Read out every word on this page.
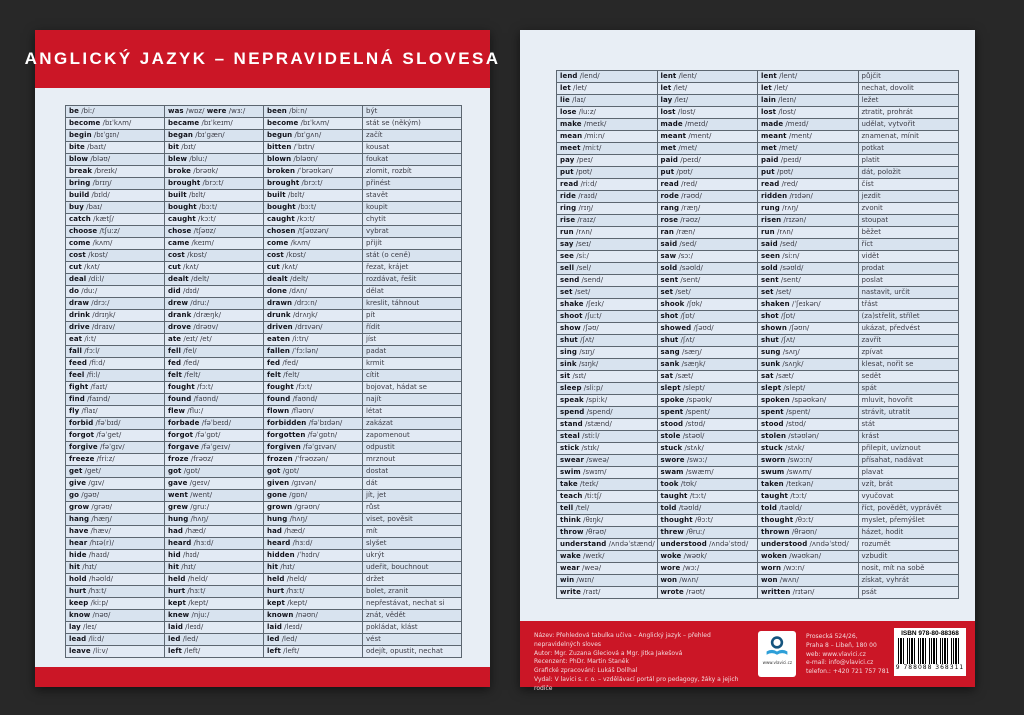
ANGLICKÝ JAZYK – NEPRAVIDELNÁ SLOVESA
be /biː/	was /wɒz/ were /wɜː/	been /biːn/	být
become /bɪˈkʌm/	became /bɪˈkeɪm/	become /bɪˈkʌm/	stát se (někým)
begin /bɪˈɡɪn/	began /bɪˈɡæn/	begun /bɪˈɡʌn/	začít
bite /baɪt/	bit /bɪt/	bitten /ˈbɪtn/	kousat
blow /bləʊ/	blew /bluː/	blown /bləʊn/	foukat
break /breɪk/	broke /brəʊk/	broken /ˈbrəʊkən/	zlomit, rozbít
bring /brɪŋ/	brought /brɔːt/	brought /brɔːt/	přinést
build /bɪld/	built /bɪlt/	built /bɪlt/	stavět
buy /baɪ/	bought /bɔːt/	bought /bɔːt/	koupit
catch /kætʃ/	caught /kɔːt/	caught /kɔːt/	chytit
choose /tʃuːz/	chose /tʃəʊz/	chosen /tʃəʊzən/	vybrat
come /kʌm/	came /keɪm/	come /kʌm/	přijít
cost /kɒst/	cost /kɒst/	cost /kɒst/	stát (o ceně)
cut /kʌt/	cut /kʌt/	cut /kʌt/	řezat, krájet
deal /diːl/	dealt /delt/	dealt /delt/	rozdávat, řešit
do /duː/	did /dɪd/	done /dʌn/	dělat
draw /drɔː/	drew /druː/	drawn /drɔːn/	kreslit, táhnout
drink /drɪŋk/	drank /dræŋk/	drunk /drʌŋk/	pít
drive /draɪv/	drove /drəʊv/	driven /drɪvən/	řídit
eat /iːt/	ate /eɪt/ /et/	eaten /iːtn/	jíst
fall /fɔːl/	fell /fel/	fallen /ˈfɔːlən/	padat
feed /fiːd/	fed /fed/	fed /fed/	krmit
feel /fiːl/	felt /felt/	felt /felt/	cítit
fight /faɪt/	fought /fɔːt/	fought /fɔːt/	bojovat, hádat se
find /faɪnd/	found /faʊnd/	found /faʊnd/	najít
fly /flaɪ/	flew /fluː/	flown /fləʊn/	létat
forbid /fəˈbɪd/	forbade /fəˈbeɪd/	forbidden /fəˈbɪdən/	zakázat
forgot /fəˈɡet/	forgot /fəˈɡɒt/	forgotten /fəˈɡɒtn/	zapomenout
forgive /fəˈɡɪv/	forgave /fəˈɡeɪv/	forgiven /fəˈɡɪvən/	odpustit
freeze /friːz/	froze /frəʊz/	frozen /ˈfrəʊzən/	mrznout
get /ɡet/	got /ɡɒt/	got /ɡɒt/	dostat
give /ɡɪv/	gave /ɡeɪv/	given /ɡɪvən/	dát
go /ɡəʊ/	went /went/	gone /ɡɒn/	jít, jet
grow /ɡrəʊ/	grew /ɡruː/	grown /ɡrəʊn/	růst
hang /hæŋ/	hung /hʌŋ/	hung /hʌŋ/	viset, pověsit
have /hæv/	had /hæd/	had /hæd/	mít
hear /hɪə(r)/	heard /hɜːd/	heard /hɜːd/	slyšet
hide /haɪd/	hid /hɪd/	hidden /ˈhɪdn/	ukrýt
hit /hɪt/	hit /hɪt/	hit /hɪt/	udeřit, bouchnout
hold /həʊld/	held /held/	held /held/	držet
hurt /hɜːt/	hurt /hɜːt/	hurt /hɜːt/	bolet, zranit
keep /kiːp/	kept /kept/	kept /kept/	nepřestávat, nechat si
know /nəʊ/	knew /njuː/	known /nəʊn/	znát, vědět
lay /leɪ/	laid /leɪd/	laid /leɪd/	pokládat, klást
lead /liːd/	led /led/	led /led/	vést
leave /liːv/	left /left/	left /left/	odejít, opustit, nechat
lend /lend/	lent /lent/	lent /lent/	půjčit
let /let/	let /let/	let /let/	nechat, dovolit
lie /laɪ/	lay /leɪ/	lain /leɪn/	ležet
lose /luːz/	lost /lɒst/	lost /lɒst/	ztratit, prohrát
make /meɪk/	made /meɪd/	made /meɪd/	udělat, vytvořit
mean /miːn/	meant /ment/	meant /ment/	znamenat, mínit
meet /miːt/	met /met/	met /met/	potkat
pay /peɪ/	paid /peɪd/	paid /peɪd/	platit
put /pʊt/	put /pʊt/	put /pʊt/	dát, položit
read /riːd/	read /red/	read /red/	číst
ride /raɪd/	rode /rəʊd/	ridden /rɪdən/	jezdit
ring /rɪŋ/	rang /ræŋ/	rung /rʌŋ/	zvonit
rise /raɪz/	rose /rəʊz/	risen /rɪzən/	stoupat
run /rʌn/	ran /ræn/	run /rʌn/	běžet
say /seɪ/	said /sed/	said /sed/	říct
see /siː/	saw /sɔː/	seen /siːn/	vidět
sell /sel/	sold /səʊld/	sold /səʊld/	prodat
send /send/	sent /sent/	sent /sent/	poslat
set /set/	set /set/	set /set/	nastavit, určit
shake /ʃeɪk/	shook /ʃʊk/	shaken /ˈʃeɪkən/	třást
shoot /ʃuːt/	shot /ʃɒt/	shot /ʃɒt/	(za)střelit, střílet
show /ʃəʊ/	showed /ʃəʊd/	shown /ʃəʊn/	ukázat, předvést
shut /ʃʌt/	shut /ʃʌt/	shut /ʃʌt/	zavřít
sing /sɪŋ/	sang /sæŋ/	sung /sʌŋ/	zpívat
sink /sɪŋk/	sank /sæŋk/	sunk /sʌŋk/	klesat, nořit se
sit /sɪt/	sat /sæt/	sat /sæt/	sedět
sleep /sliːp/	slept /slept/	slept /slept/	spát
speak /spiːk/	spoke /spəʊk/	spoken /spəʊkən/	mluvit, hovořit
spend /spend/	spent /spent/	spent /spent/	strávit, utratit
stand /stænd/	stood /stʊd/	stood /stʊd/	stát
steal /stiːl/	stole /stəʊl/	stolen /stəʊlən/	krást
stick /stɪk/	stuck /stʌk/	stuck /stʌk/	přilepit, uvíznout
swear /sweə/	swore /swɔː/	sworn /swɔːn/	přísahat, nadávat
swim /swɪm/	swam /swæm/	swum /swʌm/	plavat
take /teɪk/	took /tʊk/	taken /teɪkən/	vzít, brát
teach /tiːtʃ/	taught /tɔːt/	taught /tɔːt/	vyučovat
tell /tel/	told /təʊld/	told /təʊld/	říct, povědět, vyprávět
think /θɪŋk/	thought /θɔːt/	thought /θɔːt/	myslet, přemýšlet
throw /θrəʊ/	threw /θruː/	thrown /θrəʊn/	házet, hodit
understand /ʌndəˈstænd/	understood /ʌndəˈstʊd/	understood /ʌndəˈstʊd/	rozumět
wake /weɪk/	woke /wəʊk/	woken /wəʊkən/	vzbudit
wear /weə/	wore /wɔː/	worn /wɔːn/	nosit, mít na sobě
win /wɪn/	won /wʌn/	won /wʌn/	získat, vyhrát
write /raɪt/	wrote /rəʊt/	written /rɪtən/	psát
Název: Přehledová tabulka učiva – Anglický jazyk – přehled nepravidelných sloves
Autor: Mgr. Zuzana Gleciová a Mgr. Jitka Jakešová
Recenzent: PhDr. Martin Staněk
Grafické zpracování: Lukáš Dolíhal
Vydal: V lavici s. r. o. – vzdělávací portál pro pedagogy, žáky a jejich rodiče
www.vlavici.cz
Prosecká 524/26,
Praha 8 – Libeň, 180 00
web: www.vlavici.cz
e-mail: info@vlavici.cz
telefon.: +420 721 757 781
ISBN 978-80-88368
9 788088 368311
